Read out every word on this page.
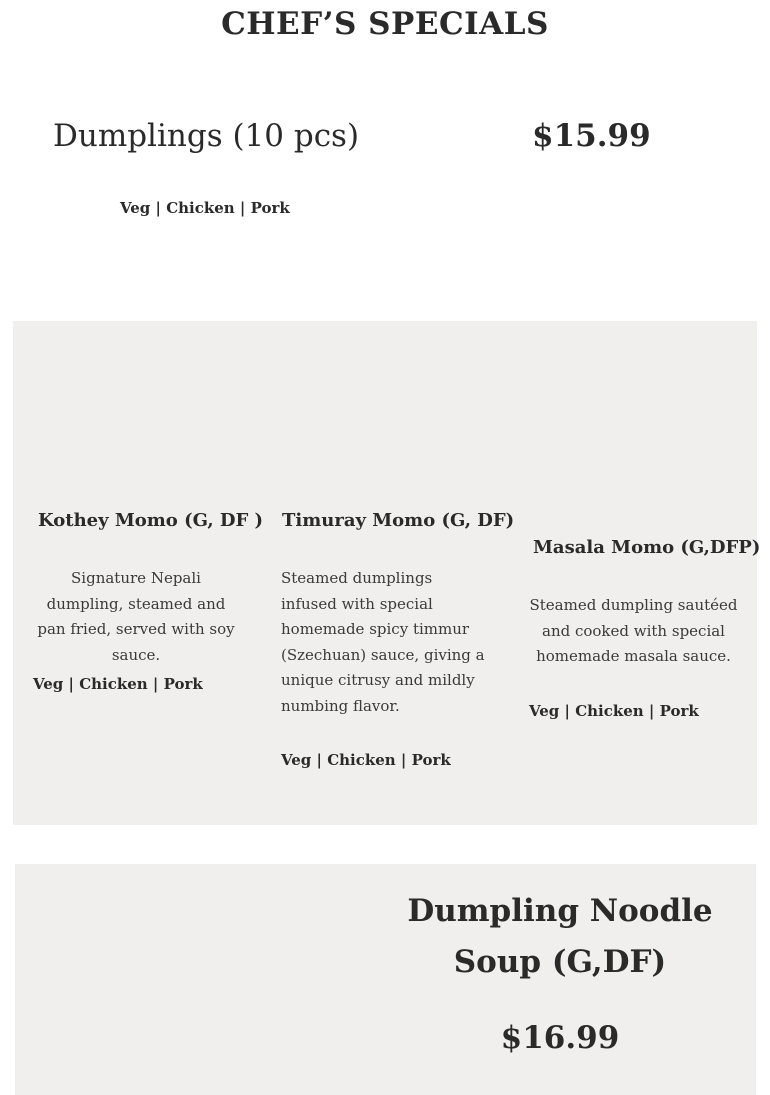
CHEF’S SPECIALS
Dumplings (10 pcs)	$15.99
Veg | Chicken | Pork
Kothey Momo (G, DF )
Signature Nepali dumpling, steamed and pan fried, served with soy sauce.
Veg | Chicken | Pork
Timuray Momo (G, DF)
Steamed dumplings infused with special homemade spicy timmur (Szechuan) sauce, giving a unique citrusy and mildly numbing flavor.
Veg | Chicken | Pork
Masala Momo (G,DFP)
Steamed dumpling sautéed and cooked with special homemade masala sauce.
Veg | Chicken | Pork
Dumpling Noodle Soup (G,DF)
$16.99
